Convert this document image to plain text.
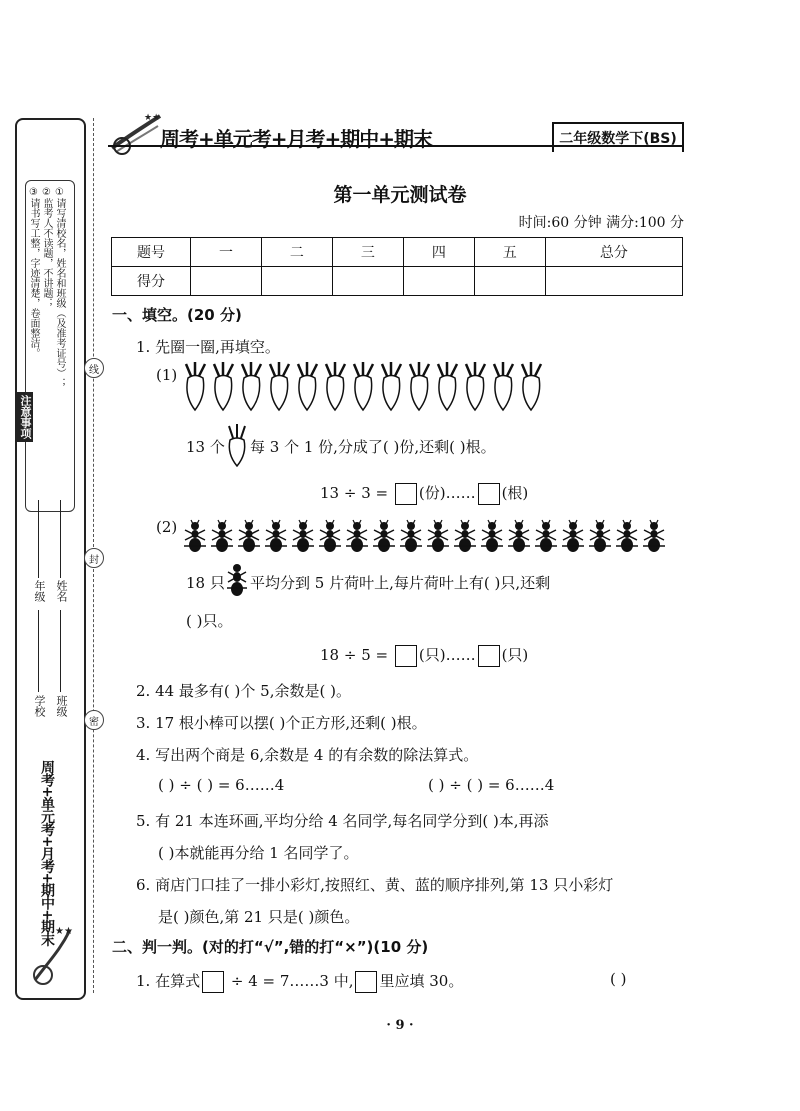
①请写清校名，姓名和班级（及准考证号）；
②监考人不读题，不讲题；
③请书写工整，字迹清楚，卷面整洁。
注意事项
年级 姓名
学校 班级
周考+单元考+月考+期中+期末 ★★
线
封
密
★★
周考+单元考+月考+期中+期末	二年级数学下(BS)
第一单元测试卷
时间:60 分钟 满分:100 分
题号	一	二	三	四	五	总分
得分						
一、填空。(20 分)
1. 先圈一圈,再填空。
(1)
13 个 每 3 个 1 份,分成了( )份,还剩( )根。
13 ÷ 3 = (份)…… (根)
(2)
18 只 平均分到 5 片荷叶上,每片荷叶上有( )只,还剩
( )只。
18 ÷ 5 = (只)…… (只)
2. 44 最多有( )个 5,余数是( )。
3. 17 根小棒可以摆( )个正方形,还剩( )根。
4. 写出两个商是 6,余数是 4 的有余数的除法算式。
( ) ÷ ( ) = 6……4	( ) ÷ ( ) = 6……4
5. 有 21 本连环画,平均分给 4 名同学,每名同学分到( )本,再添
( )本就能再分给 1 名同学了。
6. 商店门口挂了一排小彩灯,按照红、黄、蓝的顺序排列,第 13 只小彩灯
是( )颜色,第 21 只是( )颜色。
二、判一判。(对的打“√”,错的打“×”)(10 分)
1. 在算式 ÷ 4 = 7……3 中, 里应填 30。	( )
· 9 ·
